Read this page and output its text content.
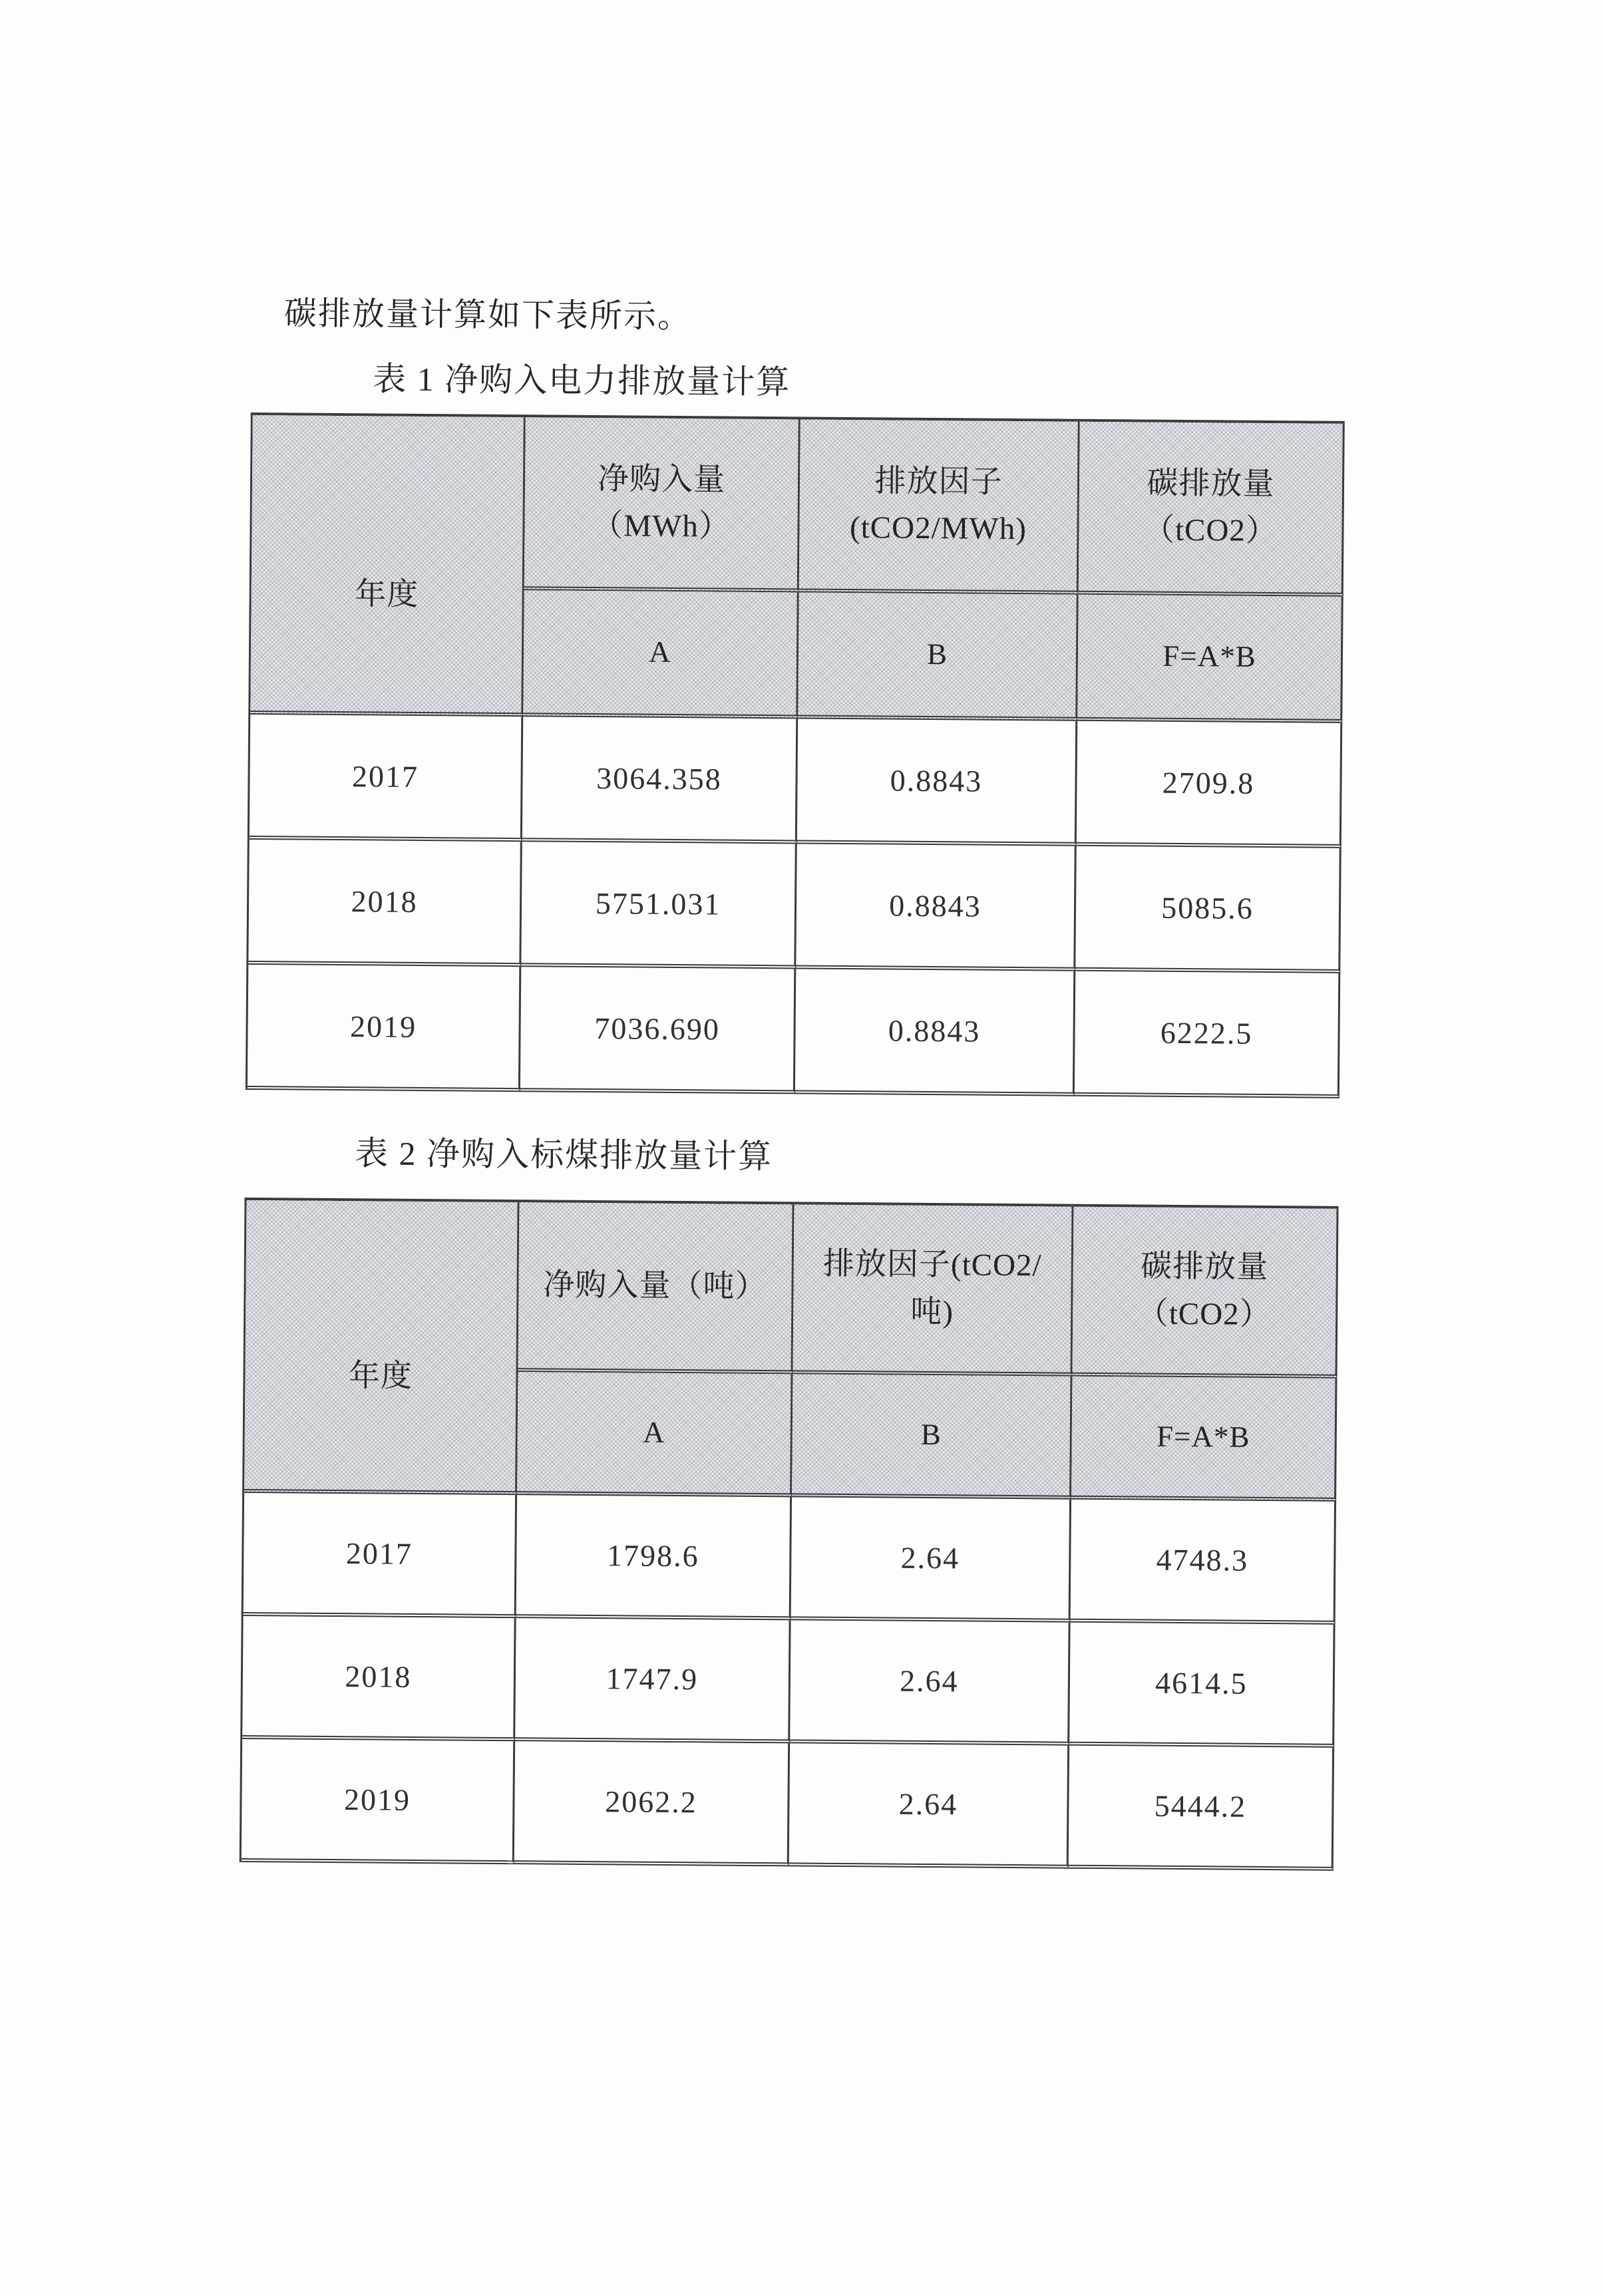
碳排放量计算如下表所示。

表 1 净购入电力排放量计算
年度	净购入量（MWh）	排放因子(tCO2/MWh)	碳排放量（tCO2）
	A	B	F=A*B
2017	3064.358	0.8843	2709.8
2018	5751.031	0.8843	5085.6
2019	7036.690	0.8843	6222.5
表 2 净购入标煤排放量计算
年度	净购入量（吨）	排放因子(tCO2/吨)	碳排放量（tCO2）
	A	B	F=A*B
2017	1798.6	2.64	4748.3
2018	1747.9	2.64	4614.5
2019	2062.2	2.64	5444.2
